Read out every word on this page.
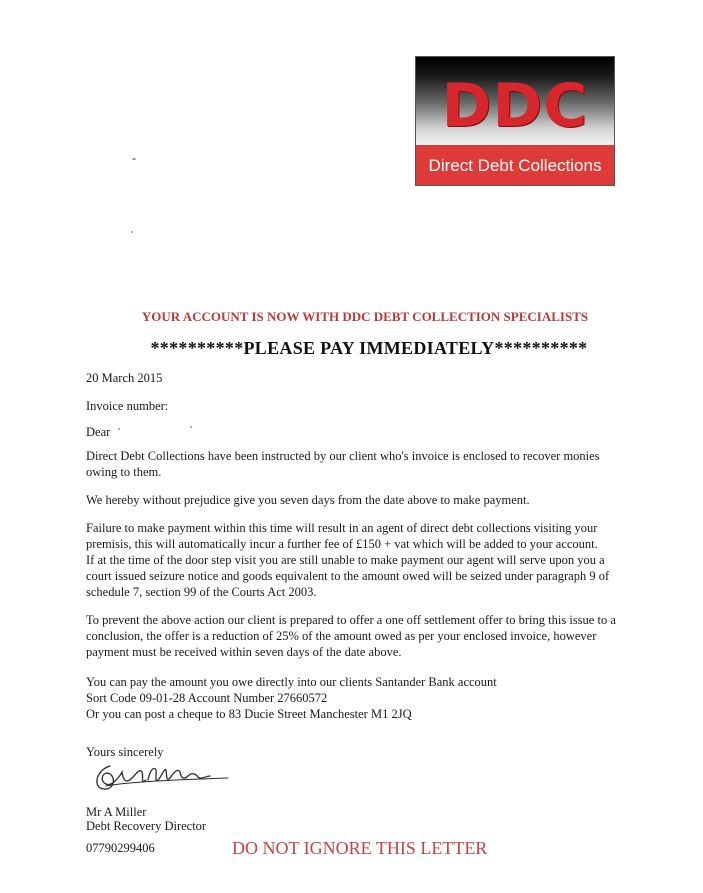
DDC
Direct Debt Collections
YOUR ACCOUNT IS NOW WITH DDC DEBT COLLECTION SPECIALISTS
**********PLEASE PAY IMMEDIATELY**********
20 March 2015
Invoice number:
Dear
Direct Debt Collections have been instructed by our client who's invoice is enclosed to recover monies
owing to them.
We hereby without prejudice give you seven days from the date above to make payment.
Failure to make payment within this time will result in an agent of direct debt collections visiting your
premisis, this will automatically incur a further fee of £150 + vat which will be added to your account.
If at the time of the door step visit you are still unable to make payment our agent will serve upon you a
court issued seizure notice and goods equivalent to the amount owed will be seized under paragraph 9 of
schedule 7, section 99 of the Courts Act 2003.
To prevent the above action our client is prepared to offer a one off settlement offer to bring this issue to a
conclusion, the offer is a reduction of 25% of the amount owed as per your enclosed invoice, however
payment must be received within seven days of the date above.
You can pay the amount you owe directly into our clients Santander Bank account
Sort Code 09-01-28 Account Number 27660572
Or you can post a cheque to 83 Ducie Street Manchester M1 2JQ
Yours sincerely
Mr A Miller
Debt Recovery Director
07790299406	DO NOT IGNORE THIS LETTER
